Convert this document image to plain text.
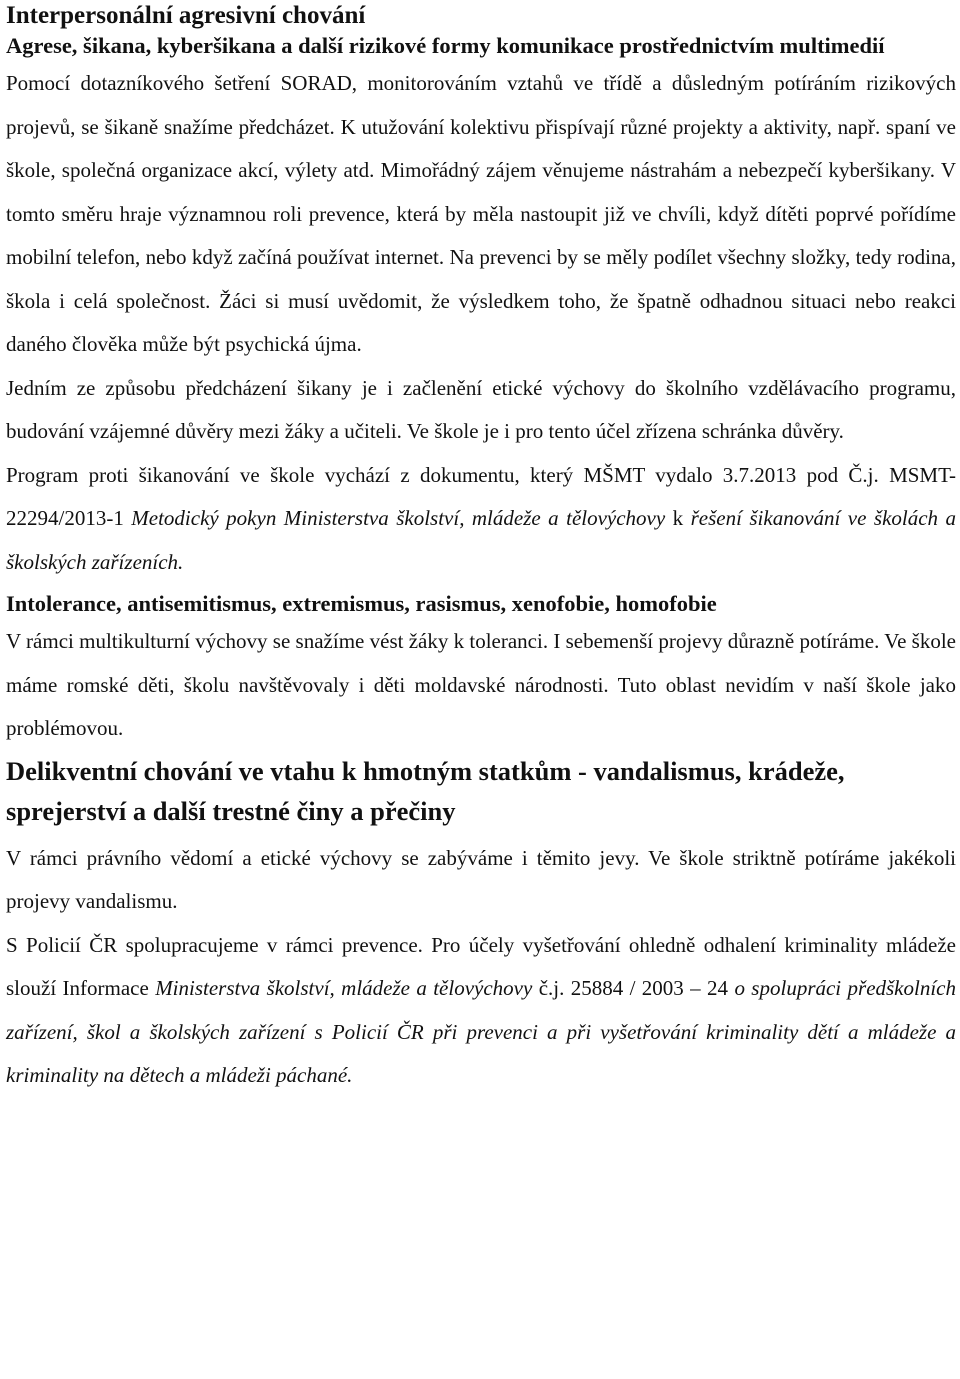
Interpersonální agresivní chování
Agrese, šikana, kyberšikana a další rizikové formy komunikace prostřednictvím multimedií

Pomocí dotazníkového šetření SORAD, monitorováním vztahů ve třídě a důsledným potíráním rizikových projevů, se šikaně snažíme předcházet. K utužování kolektivu přispívají různé projekty a aktivity, např. spaní ve škole, společná organizace akcí, výlety atd. Mimořádný zájem věnujeme nástrahám a nebezpečí kyberšikany. V tomto směru hraje významnou roli prevence, která by měla nastoupit již ve chvíli, když dítěti poprvé pořídíme mobilní telefon, nebo když začíná používat internet. Na prevenci by se měly podílet všechny složky, tedy rodina, škola i celá společnost. Žáci si musí uvědomit, že výsledkem toho, že špatně odhadnou situaci nebo reakci daného člověka může být psychická újma.

Jedním ze způsobu předcházení šikany je i začlenění etické výchovy do školního vzdělávacího programu, budování vzájemné důvěry mezi žáky a učiteli. Ve škole je i pro tento účel zřízena schránka důvěry.

Program proti šikanování ve škole vychází z dokumentu, který MŠMT vydalo 3.7.2013 pod Č.j. MSMT- 22294/2013-1 Metodický pokyn Ministerstva školství, mládeže a tělovýchovy k řešení šikanování ve školách a školských zařízeních.

Intolerance, antisemitismus, extremismus, rasismus, xenofobie, homofobie

V rámci multikulturní výchovy se snažíme vést žáky k toleranci. I sebemenší projevy důrazně potíráme. Ve škole máme romské děti, školu navštěvovaly i děti moldavské národnosti. Tuto oblast nevidím v naší škole jako problémovou.

Delikventní chování ve vtahu k hmotným statkům - vandalismus, krádeže, sprejerství a další trestné činy a přečiny

V rámci právního vědomí a etické výchovy se zabýváme i těmito jevy. Ve škole striktně potíráme jakékoli projevy vandalismu.

S Policií ČR spolupracujeme v rámci prevence. Pro účely vyšetřování ohledně odhalení kriminality mládeže slouží Informace Ministerstva školství, mládeže a tělovýchovy č.j. 25884 / 2003 – 24 o spolupráci předškolních zařízení, škol a školských zařízení s Policií ČR při prevenci a při vyšetřování kriminality dětí a mládeže a kriminality na dětech a mládeži páchané.
